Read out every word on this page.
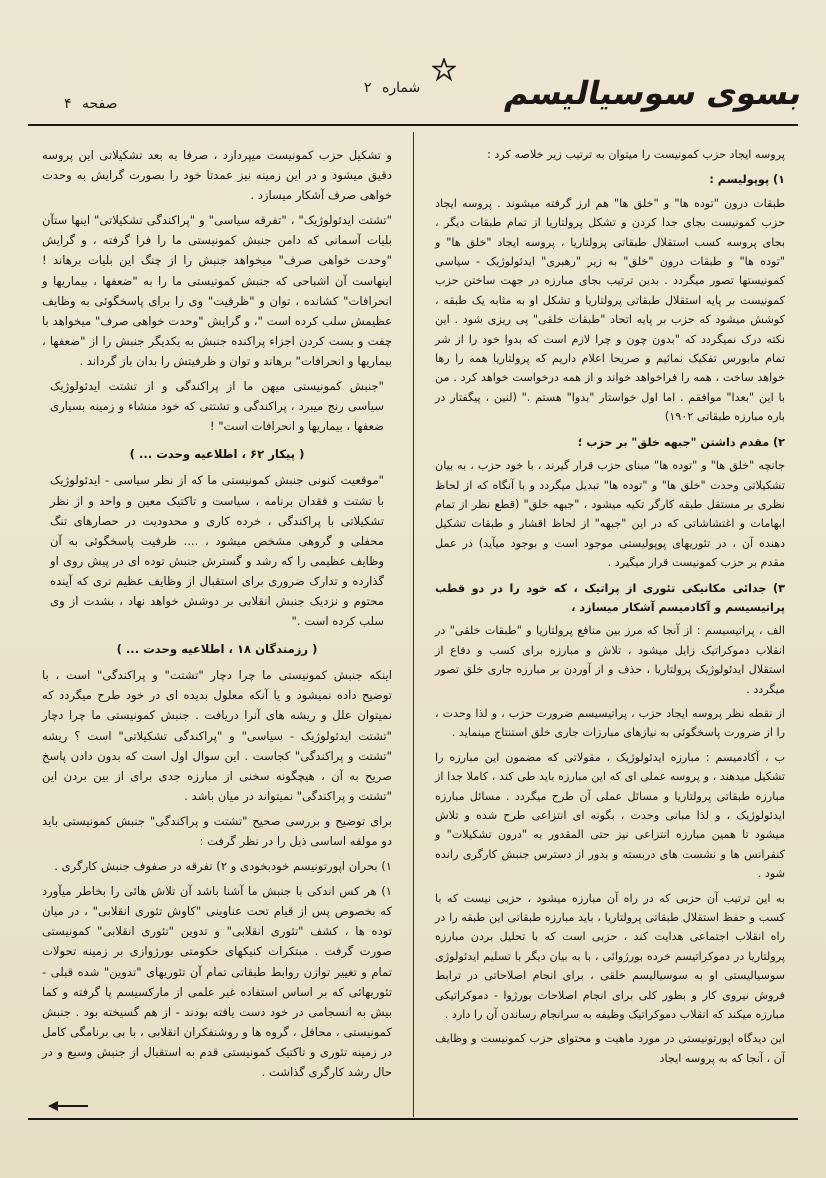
صفحه ۴
شماره ۲	بسوی سوسیالیسم

پروسه ایجاد حزب کمونیست را میتوان به ترتیب زیر خلاصه کرد :

۱) پوپولیسم :

طبقات درون "توده ها" و "خلق ها" هم ارز گرفته میشوند . پروسه ایجاد حزب کمونیست بجای جدا کردن و تشکل پرولتاریا از تمام طبقات دیگر ، بجای پروسه کسب استقلال طبقاتی پرولتاریا ، پروسه ایجاد "خلق ها" و "توده ها" و طبقات درون "خلق" به زیر "رهبری" ایدئولوژیک - سیاسی کمونیستها تصور میگردد . بدین ترتیب بجای مبارزه در جهت ساختن حزب کمونیست بر پایه استقلال طبقاتی پرولتاریا و تشکل او به مثابه یک طبقه ، کوشش میشود که حزب بر پایه اتحاد "طبقات خلقی" پی ریزی شود . این نکته درک نمیگردد که "بدون چون و چرا لازم است که بدوا خود را از شر تمام مابورس تفکیک نمائیم و صریحا اعلام داریم که پرولتاریا همه را رها خواهد ساخت ، همه را فراخواهد خواند و از همه درخواست خواهد کرد . من با این "بعدا" موافقم . اما اول خواستار "بدوا" هستم ." (لنین ، پیگفتار در باره مبارزه طبقاتی ۱۹۰۲)

۲) مقدم داشتن "جبهه خلق" بر حزب ؛

جانچه "خلق ها" و "توده ها" مبنای حزب قرار گیرند ، با خود حزب ، به بیان تشکیلاتی وحدت "خلق ها" و "توده ها" تبدیل میگردد و با آنگاه که از لحاظ نظری بر مستقل طبقه کارگر تکیه میشود ، "جبهه خلق" (قطع نظر از تمام ابهامات و اغتشاشاتی که در این "جبهه" از لحاظ اقشار و طبقات تشکیل دهنده آن ، در تئوریهای پوپولیستی موجود است و بوجود میآید) در عمل مقدم بر حزب کمونیست قرار میگیرد .

۳) جدائی مکانیکی تئوری از پراتیک ، که خود را در دو قطب پراتیسیسم و آکادمیسم آشکار میسازد ،

الف ، پراتیسیسم : از آنجا که مرز بین منافع پرولتاریا و "طبقات خلقی" در انقلاب دموکراتیک زایل میشود ، تلاش و مبارزه برای کسب و دفاع از استقلال ایدئولوژیک پرولتاریا ، حذف و از آوردن بر مبارزه جاری خلق تصور میگردد .

از نقطه نظر پروسه ایجاد حزب ، پراتیسیسم ضرورت حزب ، و لذا وحدت ، را از ضرورت پاسخگوئی به نیازهای مبارزات جاری خلق استنتاج مینماید .

ب ، آکادمیسم : مبارزه ایدئولوژیک ، مقولاتی که مضمون این مبارزه را تشکیل میدهند ، و پروسه عملی ای که این مبارزه باید طی کند ، کاملا جدا از مبارزه طبقاتی پرولتاریا و مسائل عملی آن طرح میگردد . مسائل مبارزه ایدئولوژیک ، و لذا مبانی وحدت ، بگونه ای انتزاعی طرح شده و تلاش میشود تا همین مبارزه انتزاعی نیز حتی المقدور به "درون تشکیلات" و کنفرانس ها و نشست های دربسته و بدور از دسترس جنبش کارگری رانده شود .

به این ترتیب آن حزبی که در راه آن مبارزه میشود ، حزبی نیست که با کسب و حفظ استقلال طبقاتی پرولتاریا ، باید مبارزه طبقاتی این طبقه را در راه انقلاب اجتماعی هدایت کند ، حزبی است که با تحلیل بردن مبارزه پرولتاریا در دموکراتیسم خرده بورژوائی ، با به بیان دیگر با تسلیم ایدئولوژی سوسیالیستی او به سوسیالیسم خلقی ، برای انجام اصلاحاتی در ترابط فروش نیروی کار و بطور کلی برای انجام اصلاحات بورژوا - دموکراتیکی مبارزه میکند که انقلاب دموکراتیک وظیفه به سرانجام رساندن آن را دارد .

این دیدگاه اپورتونیستی در مورد ماهیت و محتوای حزب کمونیست و وظایف آن ، آنجا که به پروسه ایجاد

و تشکیل حزب کمونیست میپردازد ، صرفا به بعد تشکیلاتی این پروسه دقیق میشود و در این زمینه نیز عمدتا خود را بصورت گرایش به وحدت خواهی صرف آشکار میسازد .

"تشتت ایدئولوژیک" ، "تفرقه سیاسی" و "پراکندگی تشکیلاتی" اینها ستآن بلیات آسمانی که دامن جنبش کمونیستی ما را فرا گرفته ، و گرایش "وحدت خواهی صرف" میخواهد جنبش را از چنگ این بلیات برهاند ! اینهاست آن اشباحی که جنبش کمونیستی ما را به "ضعفها ، بیماریها و انحرافات" کشانده ، توان و "ظرفیت" وی را برای پاسخگوئی به وظایف عظیمش سلب کرده است "، و گرایش "وحدت خواهی صرف" میخواهد با چفت و بست کردن اجزاء پراکنده جنبش به یکدیگر جنبش را از "ضعفها ، بیماریها و انحرافات" برهاند و توان و ظرفیتش را بدان باز گرداند .

"جنبش کمونیستی میهن ما از پراکندگی و از تشتت ایدئولوژیک سیاسی رنج میبرد ، پراکندگی و تشتتی که خود منشاء و زمینه بسیاری ضعفها ، بیماریها و انحرافات است" !

( پیکار ۶۲ ، اطلاعیه وحدت ... )

"موقعیت کنونی جنبش کمونیستی ما که از نظر سیاسی - ایدئولوژیک با تشتت و فقدان برنامه ، سیاست و تاکتیک معین و واحد و از نظر تشکیلاتی با پراکندگی ، خرده کاری و محدودیت در حصارهای تنگ محفلی و گروهی مشخص میشود ، .... ظرفیت پاسخگوئی به آن وظایف عظیمی را که رشد و گسترش جنبش توده ای در پیش روی او گذارده و تدارک ضروری برای استقبال از وظایف عظیم تری که آینده محتوم و نزدیک جنبش انقلابی بر دوشش خواهد نهاد ، بشدت از وی سلب کرده است ."

( رزمندگان ۱۸ ، اطلاعیه وحدت ... )

اینکه جنبش کمونیستی ما چرا دچار "تشتت" و پراکندگی" است ، با توضیح داده نمیشود و یا آنکه معلول بدیده ای در خود طرح میگردد که نمیتوان علل و ریشه های آنرا دریافت . جنبش کمونیستی ما چرا دچار "تشتت ایدئولوژیک - سیاسی" و "پراکندگی تشکیلاتی" است ؟ ریشه "تشتت و پراکندگی" کجاست . این سوال اول است که بدون دادن پاسخ صریح به آن ، هیچگونه سخنی از مبارزه جدی برای از بین بردن این "تشتت و پراکندگی" نمیتواند در میان باشد .

برای توضیح و بررسی صحیح "تشتت و پراکندگی" جنبش کمونیستی باید دو مولفه اساسی ذیل را در نظر گرفت :

۱) بحران اپورتونیسم خودبخودی و ۲) تفرقه در صفوف جنبش کارگری .

۱) هر کس اندکی با جنبش ما آشنا باشد آن تلاش هائی را بخاطر میآورد که بخصوص پس از قیام تحت عناوینی "کاوش تئوری انقلابی" ، در میان توده ها ، کشف "تئوری انقلابی" و تدوین "تئوری انقلابی" کمونیستی صورت گرفت . مبتکرات کنیکهای حکومتی بورژوازی بر زمینه تحولات تمام و تغییر توازن روابط طبقاتی تمام آن تئوریهای "تدوین" شده قبلی - تئوریهائی که بر اساس استفاده غیر علمی از مارکسیسم پا گرفته و کما بیش به انسجامی در خود دست یافته بودند - از هم گسیخته بود . جنبش کمونیستی ، محافل ، گروه ها و روشنفکران انقلابی ، با بی برنامگی کامل در زمینه تئوری و تاکتیک کمونیستی قدم به استقبال از جنبش وسیع و در حال رشد کارگری گذاشت .
